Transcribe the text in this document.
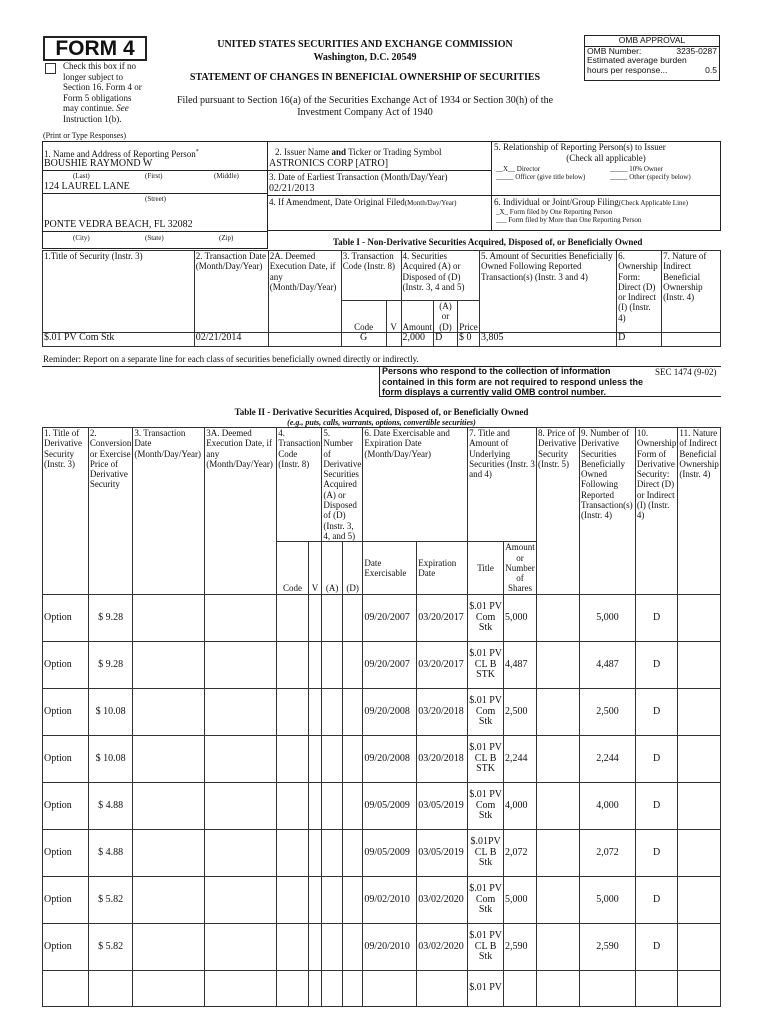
FORM 4
Check this box if no longer subject to Section 16. Form 4 or Form 5 obligations may continue. See Instruction 1(b).
UNITED STATES SECURITIES AND EXCHANGE COMMISSION
Washington, D.C. 20549
STATEMENT OF CHANGES IN BENEFICIAL OWNERSHIP OF SECURITIES
Filed pursuant to Section 16(a) of the Securities Exchange Act of 1934 or Section 30(h) of the
Investment Company Act of 1940
OMB APPROVAL
OMB Number:	3235-0287
Estimated average burden
hours per response...	0.5
(Print or Type Responses)
1. Name and Address of Reporting Person*
BOUSHIE RAYMOND W
(Last)	(First)	(Middle)
124 LAUREL LANE
(Street)
PONTE VEDRA BEACH, FL 32082
(City)	(State)	(Zip)
2. Issuer Name and Ticker or Trading Symbol
ASTRONICS CORP [ATRO]
3. Date of Earliest Transaction (Month/Day/Year)
02/21/2013
4. If Amendment, Date Original Filed(Month/Day/Year)
5. Relationship of Reporting Person(s) to Issuer
(Check all applicable)
__X__ Director	_____ 10% Owner
_____ Officer (give title below)	_____ Other (specify below)
6. Individual or Joint/Group Filing(Check Applicable Line)
_X_ Form filed by One Reporting Person
___ Form filed by More than One Reporting Person
Table I - Non-Derivative Securities Acquired, Disposed of, or Beneficially Owned
1.Title of Security (Instr. 3)	2. Transaction Date (Month/Day/Year)	2A. Deemed Execution Date, if any (Month/Day/Year)	3. Transaction Code (Instr. 8)		4. Securities Acquired (A) or Disposed of (D) (Instr. 3, 4 and 5)			5. Amount of Securities Beneficially Owned Following Reported Transaction(s) (Instr. 3 and 4)	6. Ownership Form: Direct (D) or Indirect (I) (Instr. 4)	7. Nature of Indirect Beneficial Ownership (Instr. 4)
			Code	V	Amount	(A) or (D)	Price			
$.01 PV Com Stk	02/21/2014		G		2,000	D	$ 0	3,805	D	
Reminder: Report on a separate line for each class of securities beneficially owned directly or indirectly.
Persons who respond to the collection of information contained in this form are not required to respond unless the form displays a currently valid OMB control number.
SEC 1474 (9-02)
Table II - Derivative Securities Acquired, Disposed of, or Beneficially Owned
(e.g., puts, calls, warrants, options, convertible securities)
1. Title of Derivative Security (Instr. 3)	2. Conversion or Exercise Price of Derivative Security	3. Transaction Date (Month/Day/Year)	3A. Deemed Execution Date, if any (Month/Day/Year)	4. Transaction Code (Instr. 8)		5. Number of Derivative Securities Acquired (A) or Disposed of (D) (Instr. 3, 4, and 5)		6. Date Exercisable and Expiration Date (Month/Day/Year)		7. Title and Amount of Underlying Securities (Instr. 3 and 4)		8. Price of Derivative Security (Instr. 5)	9. Number of Derivative Securities Beneficially Owned Following Reported Transaction(s) (Instr. 4)	10. Ownership Form of Derivative Security: Direct (D) or Indirect (I) (Instr. 4)	11. Nature of Indirect Beneficial Ownership (Instr. 4)
				Code	V	(A)	(D)	Date Exercisable	Expiration Date	Title	Amount or Number of Shares				
Option	$ 9.28							09/20/2007	03/20/2017	$.01 PV Com Stk	5,000		5,000	D	
Option	$ 9.28							09/20/2007	03/20/2017	$.01 PV CL B STK	4,487		4,487	D	
Option	$ 10.08							09/20/2008	03/20/2018	$.01 PV Com Stk	2,500		2,500	D	
Option	$ 10.08							09/20/2008	03/20/2018	$.01 PV CL B STK	2,244		2,244	D	
Option	$ 4.88							09/05/2009	03/05/2019	$.01 PV Com Stk	4,000		4,000	D	
Option	$ 4.88							09/05/2009	03/05/2019	$.01PV CL B Stk	2,072		2,072	D	
Option	$ 5.82							09/02/2010	03/02/2020	$.01 PV Com Stk	5,000		5,000	D	
Option	$ 5.82							09/20/2010	03/02/2020	$.01 PV CL B Stk	2,590		2,590	D	
										$.01 PV					
